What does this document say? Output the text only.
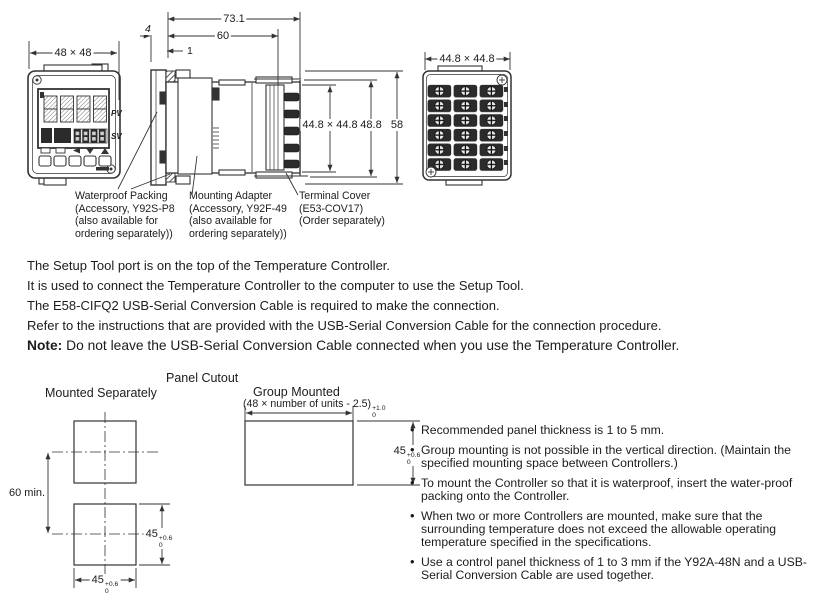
PV
SV
48 × 48
73.1
60
4
1
44.8 × 44.8 48.8 58
44.8 × 44.8
Waterproof Packing
(Accessory, Y92S-P8
(also available for
ordering separately))
Mounting Adapter
(Accessory, Y92F-49
(also available for
ordering separately))
Terminal Cover
(E53-COV17)
(Order separately)

The Setup Tool port is on the top of the Temperature Controller.

It is used to connect the Temperature Controller to the computer to use the Setup Tool.

The E58-CIFQ2 USB-Serial Conversion Cable is required to make the connection.

Refer to the instructions that are provided with the USB-Serial Conversion Cable for the connection procedure.

Note: Do not leave the USB-Serial Conversion Cable connected when you use the Temperature Controller.

Panel Cutout
Mounted Separately	Group Mounted
(48 × number of units - 2.5) +1.0
0
60 min.
45 +0.6
0
45 +0.6
0
45 +0.6
0
• Recommended panel thickness is 1 to 5 mm.
• Group mounting is not possible in the vertical direction. (Maintain the specified mounting space between Controllers.)
• To mount the Controller so that it is waterproof, insert the water-proof packing onto the Controller.
• When two or more Controllers are mounted, make sure that the surrounding temperature does not exceed the allowable operating temperature specified in the specifications.
• Use a control panel thickness of 1 to 3 mm if the Y92A-48N and a USB-Serial Conversion Cable are used together.
